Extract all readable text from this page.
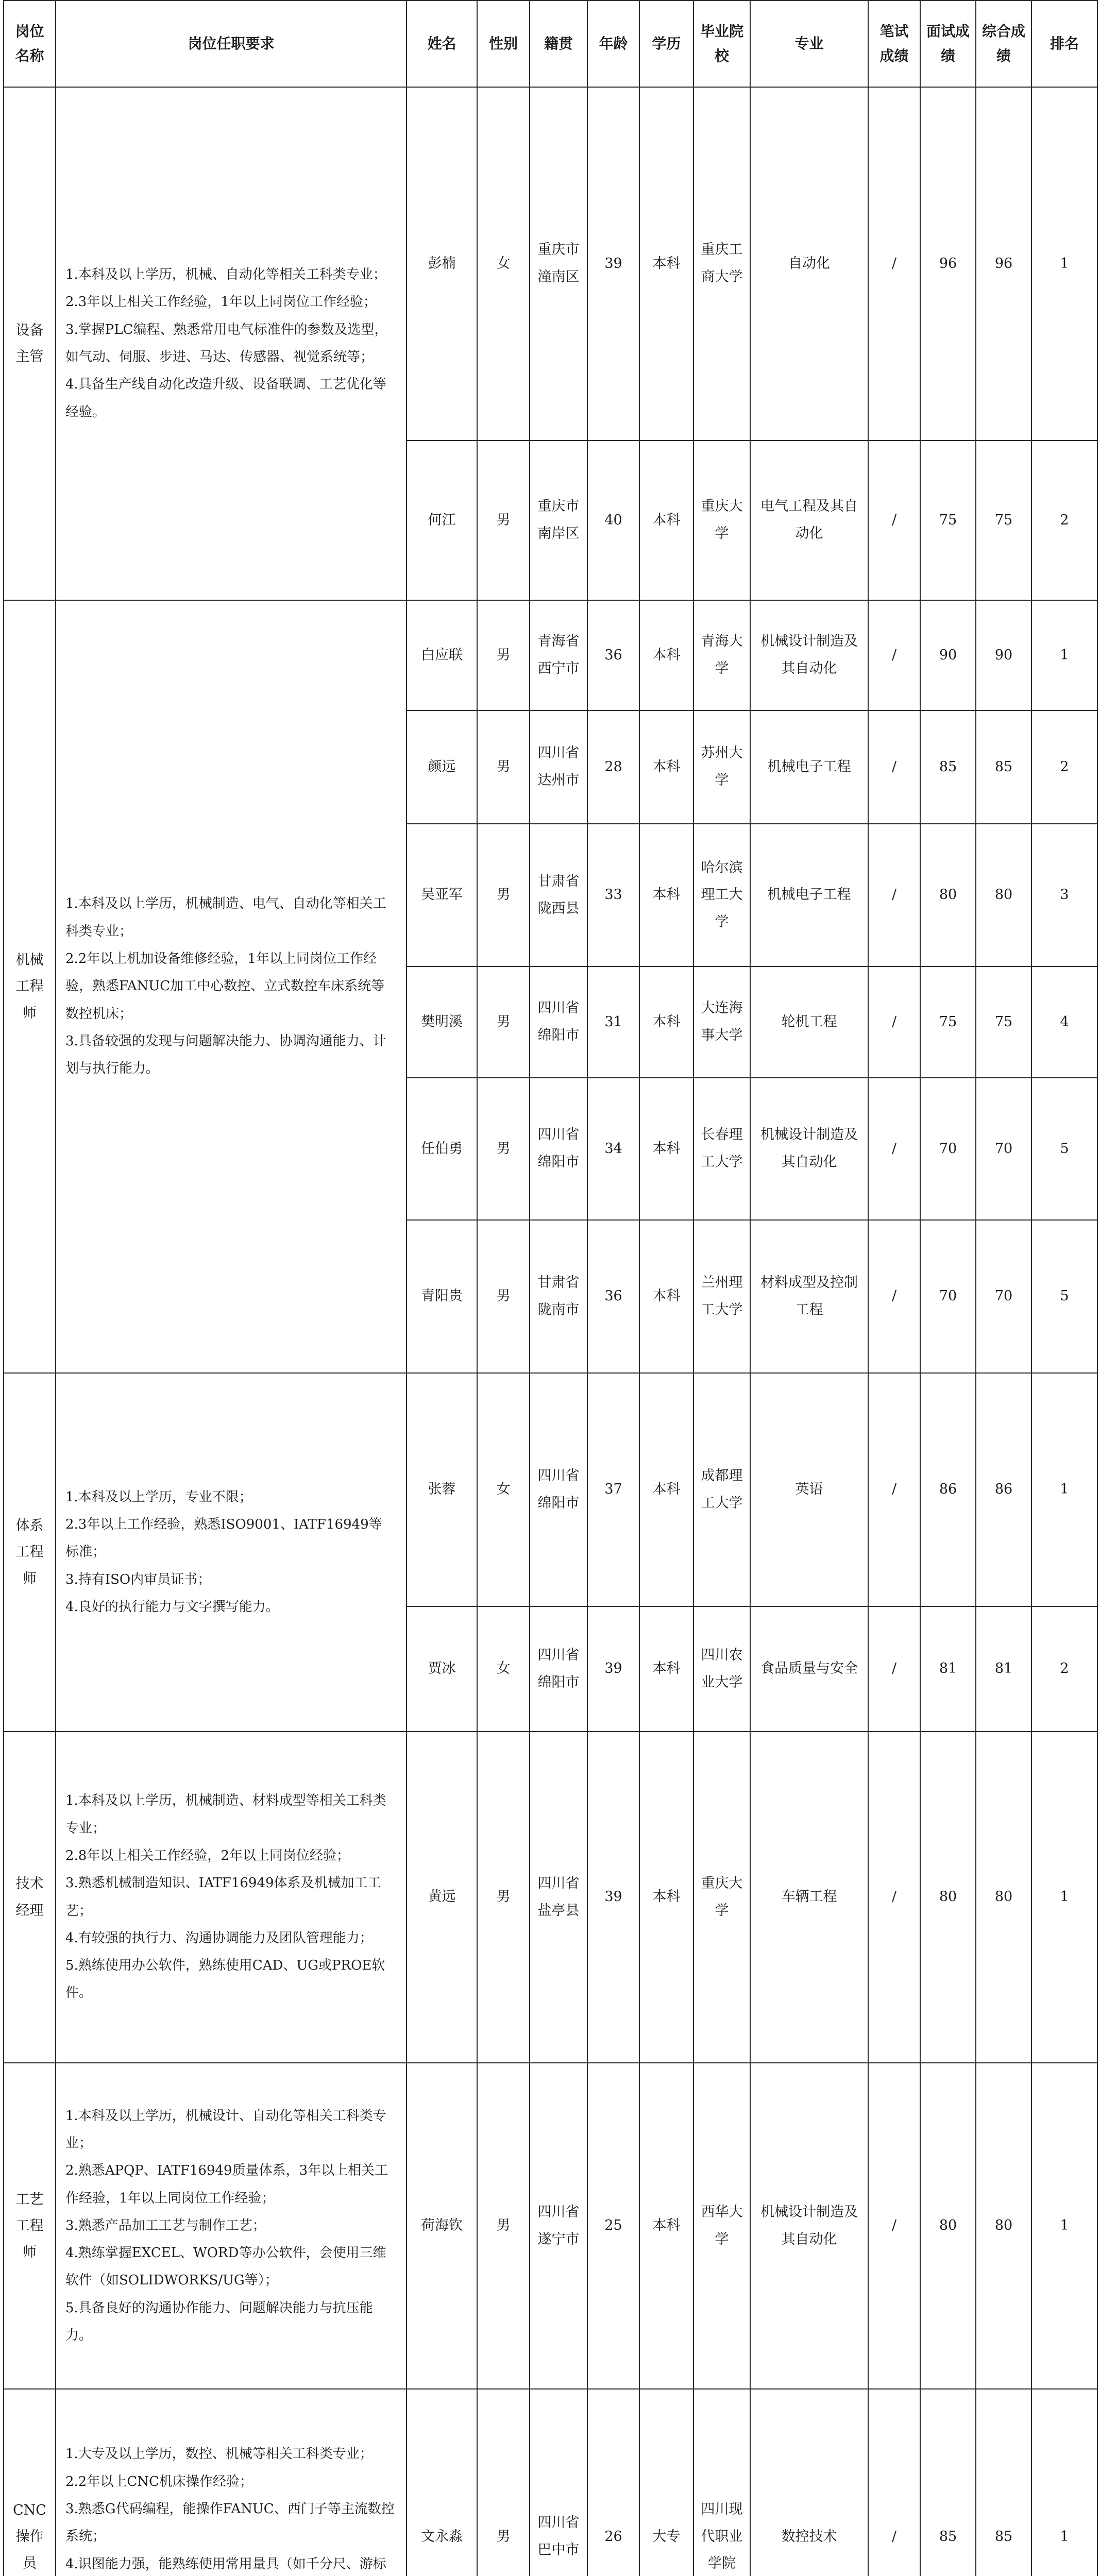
岗位名称	岗位任职要求	姓名	性别	籍贯	年龄	学历	毕业院校	专业	笔试成绩	面试成绩	综合成绩	排名
设备主管	1.本科及以上学历，机械、自动化等相关工科类专业；
2.3年以上相关工作经验，1年以上同岗位工作经验；
3.掌握PLC编程、熟悉常用电气标准件的参数及选型，如气动、伺服、步进、马达、传感器、视觉系统等；
4.具备生产线自动化改造升级、设备联调、工艺优化等经验。	彭楠	女	重庆市潼南区	39	本科	重庆工商大学	自动化	/	96	96	1
		何江	男	重庆市南岸区	40	本科	重庆大学	电气工程及其自动化	/	75	75	2
机械工程师	1.本科及以上学历，机械制造、电气、自动化等相关工科类专业；
2.2年以上机加设备维修经验，1年以上同岗位工作经验，熟悉FANUC加工中心数控、立式数控车床系统等数控机床；
3.具备较强的发现与问题解决能力、协调沟通能力、计划与执行能力。	白应联	男	青海省西宁市	36	本科	青海大学	机械设计制造及其自动化	/	90	90	1
		颜远	男	四川省达州市	28	本科	苏州大学	机械电子工程	/	85	85	2
		吴亚军	男	甘肃省陇西县	33	本科	哈尔滨理工大学	机械电子工程	/	80	80	3
		樊明溪	男	四川省绵阳市	31	本科	大连海事大学	轮机工程	/	75	75	4
		任伯勇	男	四川省绵阳市	34	本科	长春理工大学	机械设计制造及其自动化	/	70	70	5
		青阳贵	男	甘肃省陇南市	36	本科	兰州理工大学	材料成型及控制工程	/	70	70	5
体系工程师	1.本科及以上学历，专业不限；
2.3年以上工作经验，熟悉ISO9001、IATF16949等标准；
3.持有ISO内审员证书；
4.良好的执行能力与文字撰写能力。	张蓉	女	四川省绵阳市	37	本科	成都理工大学	英语	/	86	86	1
		贾冰	女	四川省绵阳市	39	本科	四川农业大学	食品质量与安全	/	81	81	2
技术经理	1.本科及以上学历，机械制造、材料成型等相关工科类专业；
2.8年以上相关工作经验，2年以上同岗位经验；
3.熟悉机械制造知识、IATF16949体系及机械加工工艺；
4.有较强的执行力、沟通协调能力及团队管理能力；
5.熟练使用办公软件，熟练使用CAD、UG或PROE软件。	黄远	男	四川省盐亭县	39	本科	重庆大学	车辆工程	/	80	80	1
工艺工程师	1.本科及以上学历，机械设计、自动化等相关工科类专业；
2.熟悉APQP、IATF16949质量体系，3年以上相关工作经验，1年以上同岗位工作经验；
3.熟悉产品加工工艺与制作工艺；
4.熟练掌握EXCEL、WORD等办公软件，会使用三维软件（如SOLIDWORKS/UG等）；
5.具备良好的沟通协作能力、问题解决能力与抗压能力。	荷海钦	男	四川省遂宁市	25	本科	西华大学	机械设计制造及其自动化	/	80	80	1
CNC操作员	1.大专及以上学历，数控、机械等相关工科类专业；
2.2年以上CNC机床操作经验；
3.熟悉G代码编程，能操作FANUC、西门子等主流数控系统；
4.识图能力强，能熟练使用常用量具（如千分尺、游标	文永淼	男	四川省巴中市	26	大专	四川现代职业学院	数控技术	/	85	85	1
